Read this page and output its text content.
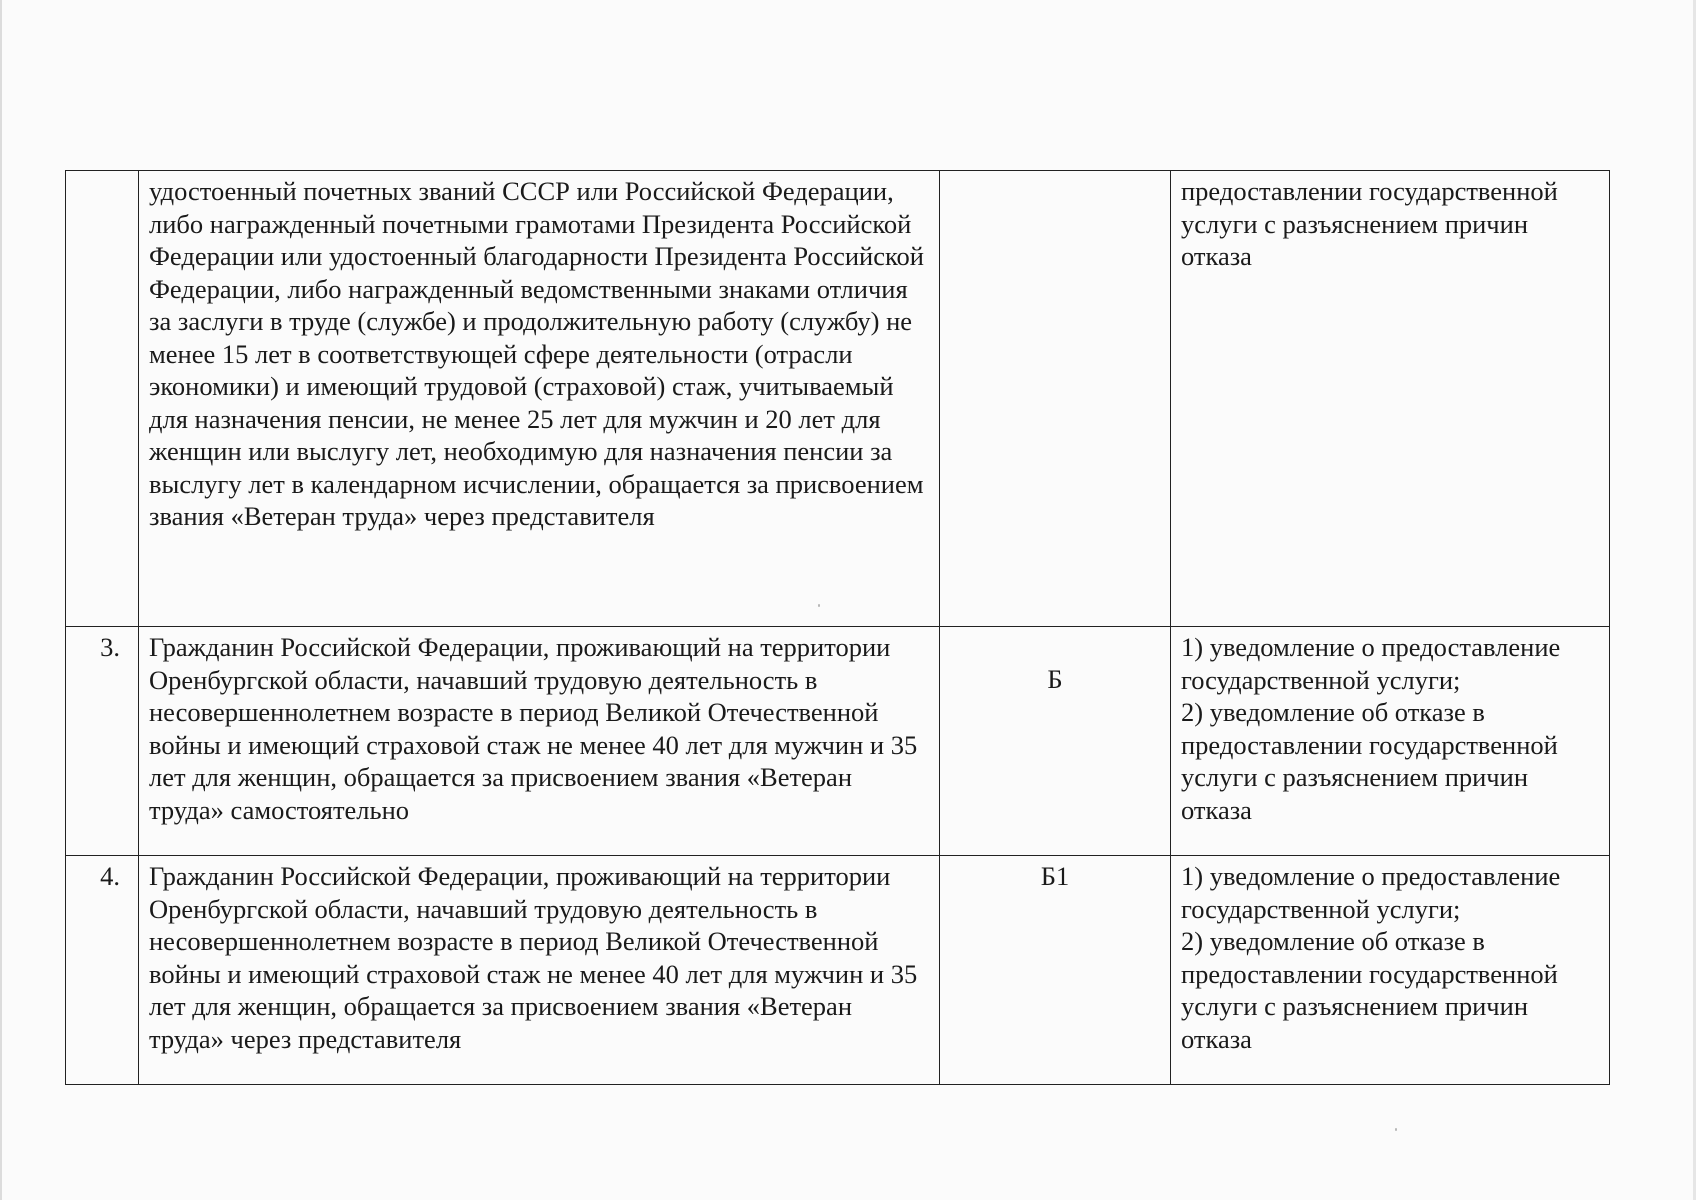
	удостоенный почетных званий СССР или Российской Федерации, либо награжденный почетными грамотами Президента Российской Федерации или удостоенный благодарности Президента Российской Федерации, либо награжденный ведомственными знаками отличия за заслуги в труде (службе) и продолжительную работу (службу) не менее 15 лет в соответствующей сфере деятельности (отрасли экономики) и имеющий трудовой (страховой) стаж, учитываемый для назначения пенсии, не менее 25 лет для мужчин и 20 лет для женщин или выслугу лет, необходимую для назначения пенсии за выслугу лет в календарном исчислении, обращается за присвоением звания «Ветеран труда» через представителя		предоставлении государственной услуги с разъяснением причин отказа
3.	Гражданин Российской Федерации, проживающий на территории Оренбургской области, начавший трудовую деятельность в несовершеннолетнем возрасте в период Великой Отечественной войны и имеющий страховой стаж не менее 40 лет для мужчин и 35 лет для женщин, обращается за присвоением звания «Ветеран труда» самостоятельно	Б	1) уведомление о предоставление государственной услуги;
2) уведомление об отказе в предоставлении государственной услуги с разъяснением причин отказа
4.	Гражданин Российской Федерации, проживающий на территории Оренбургской области, начавший трудовую деятельность в несовершеннолетнем возрасте в период Великой Отечественной войны и имеющий страховой стаж не менее 40 лет для мужчин и 35 лет для женщин, обращается за присвоением звания «Ветеран труда» через представителя	Б1	1) уведомление о предоставление государственной услуги;
2) уведомление об отказе в предоставлении государственной услуги с разъяснением причин отказа
